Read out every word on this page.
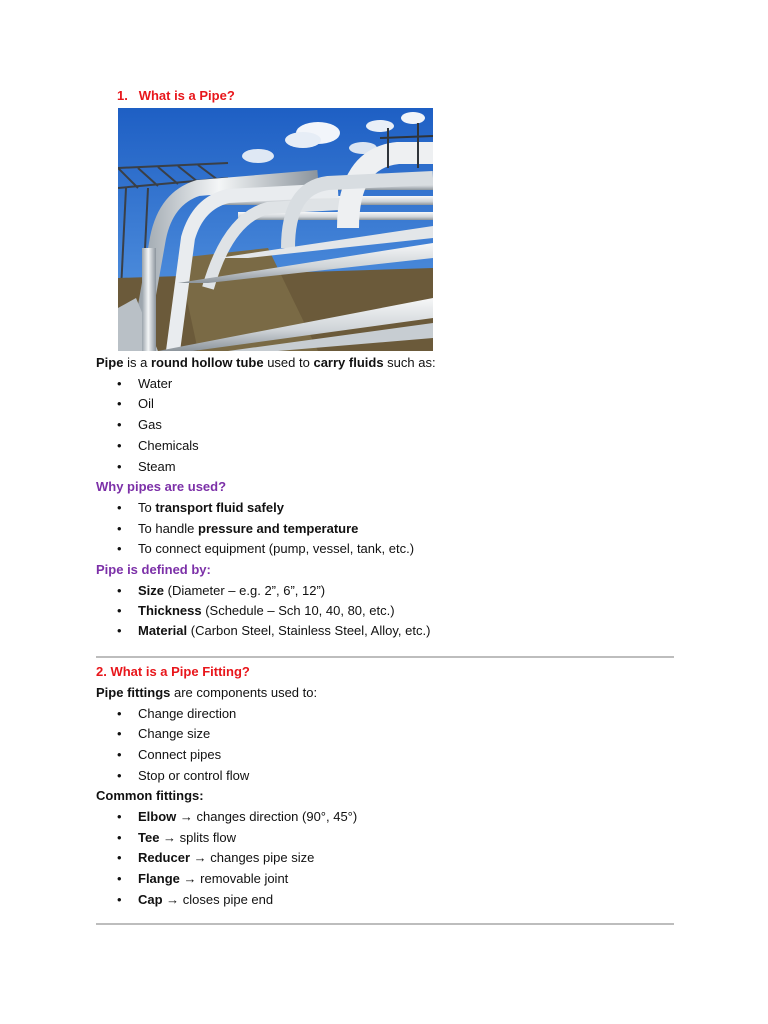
1. What is a Pipe?
Pipe is a round hollow tube used to carry fluids such as:
• Water
• Oil
• Gas
• Chemicals
• Steam
Why pipes are used?
• To transport fluid safely
• To handle pressure and temperature
• To connect equipment (pump, vessel, tank, etc.)
Pipe is defined by:
• Size (Diameter – e.g. 2”, 6”, 12”)
• Thickness (Schedule – Sch 10, 40, 80, etc.)
• Material (Carbon Steel, Stainless Steel, Alloy, etc.)
2. What is a Pipe Fitting?
Pipe fittings are components used to:
• Change direction
• Change size
• Connect pipes
• Stop or control flow
Common fittings:
• Elbow → changes direction (90°, 45°)
• Tee → splits flow
• Reducer → changes pipe size
• Flange → removable joint
• Cap → closes pipe end
